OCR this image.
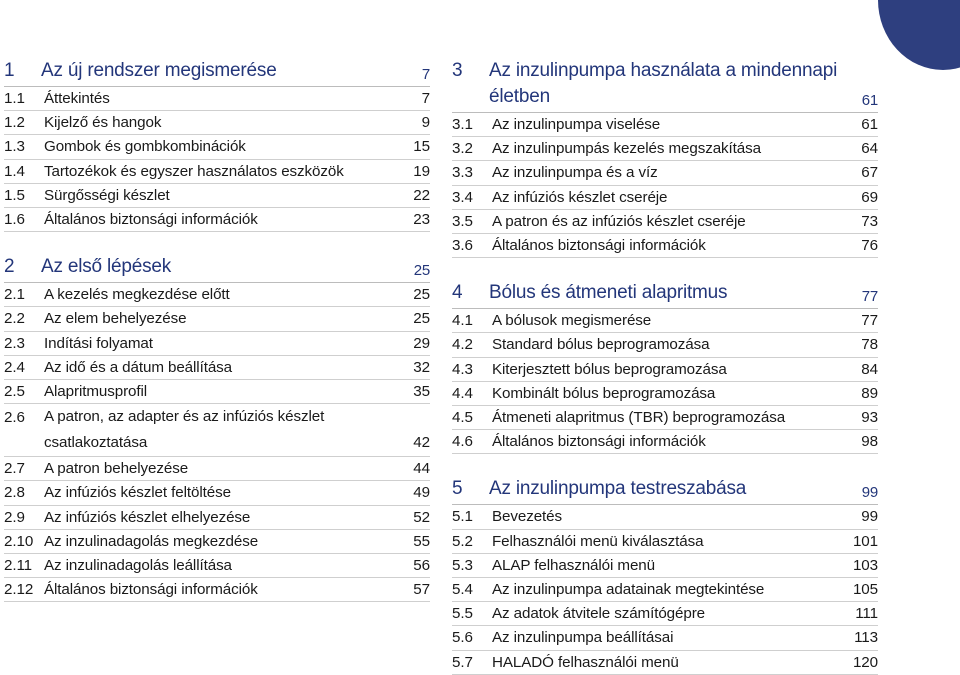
1	Az új rendszer megismerése	7
1.1	Áttekintés	7
1.2	Kijelző és hangok	9
1.3	Gombok és gombkombinációk	15
1.4	Tartozékok és egyszer használatos eszközök	19
1.5	Sürgősségi készlet	22
1.6	Általános biztonsági információk	23
2	Az első lépések	25
2.1	A kezelés megkezdése előtt	25
2.2	Az elem behelyezése	25
2.3	Indítási folyamat	29
2.4	Az idő és a dátum beállítása	32
2.5	Alapritmusprofil	35
2.6	A patron, az adapter és az infúziós készlet
csatlakoztatása	42
2.7	A patron behelyezése	44
2.8	Az infúziós készlet feltöltése	49
2.9	Az infúziós készlet elhelyezése	52
2.10 Az inzulinadagolás megkezdése	55
2.11 Az inzulinadagolás leállítása	56
2.12 Általános biztonsági információk	57
3	Az inzulinpumpa használata a mindennapi
életben	61
3.1	Az inzulinpumpa viselése	61
3.2	Az inzulinpumpás kezelés megszakítása	64
3.3	Az inzulinpumpa és a víz	67
3.4	Az infúziós készlet cseréje	69
3.5	A patron és az infúziós készlet cseréje	73
3.6	Általános biztonsági információk	76
4	Bólus és átmeneti alapritmus	77
4.1	A bólusok megismerése	77
4.2	Standard bólus beprogramozása	78
4.3	Kiterjesztett bólus beprogramozása	84
4.4	Kombinált bólus beprogramozása	89
4.5	Átmeneti alapritmus (TBR) beprogramozása	93
4.6	Általános biztonsági információk	98
5	Az inzulinpumpa testreszabása	99
5.1	Bevezetés	99
5.2	Felhasználói menü kiválasztása	101
5.3	ALAP felhasználói menü	103
5.4	Az inzulinpumpa adatainak megtekintése	105
5.5	Az adatok átvitele számítógépre	111
5.6	Az inzulinpumpa beállításai	113
5.7	HALADÓ felhasználói menü	120
